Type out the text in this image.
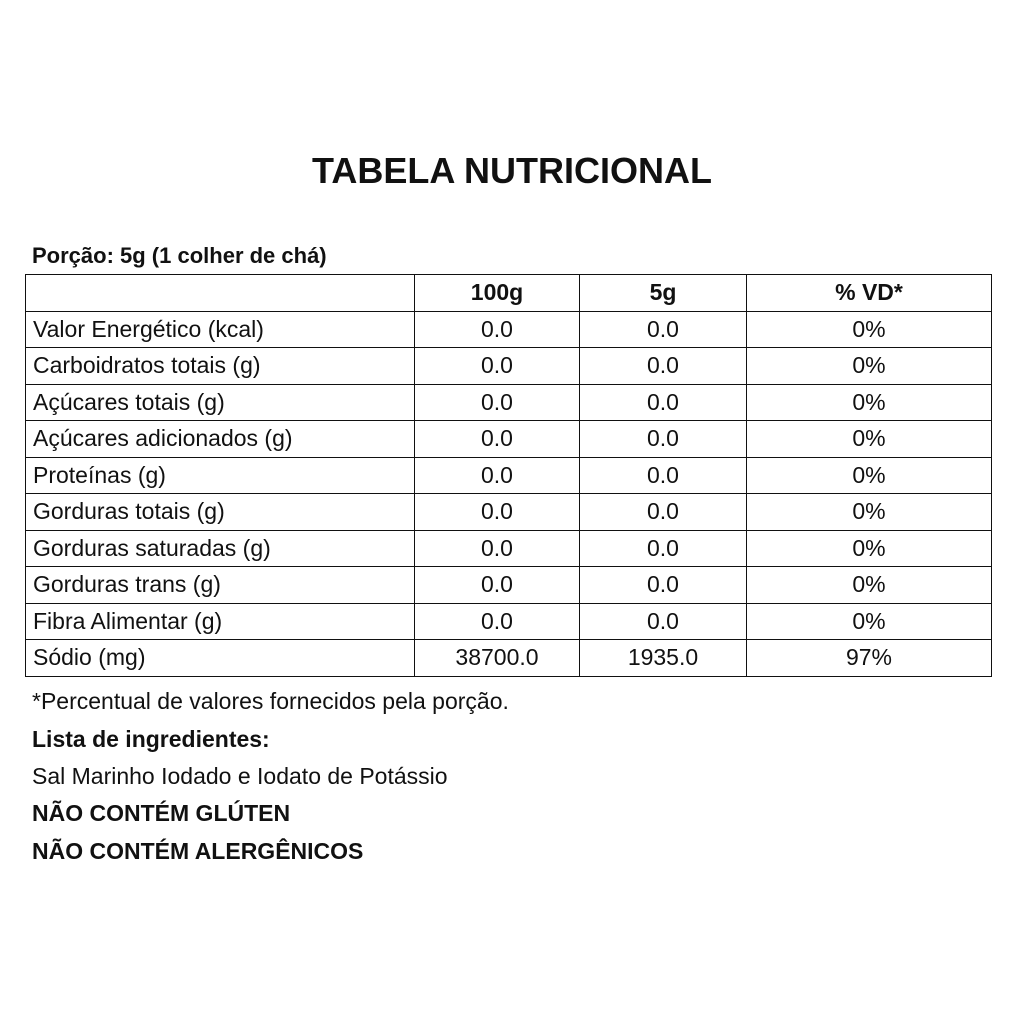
TABELA NUTRICIONAL
Porção: 5g (1 colher de chá)
	100g	5g	% VD*
Valor Energético (kcal)	0.0	0.0	0%
Carboidratos totais (g)	0.0	0.0	0%
Açúcares totais (g)	0.0	0.0	0%
Açúcares adicionados (g)	0.0	0.0	0%
Proteínas (g)	0.0	0.0	0%
Gorduras totais (g)	0.0	0.0	0%
Gorduras saturadas (g)	0.0	0.0	0%
Gorduras trans (g)	0.0	0.0	0%
Fibra Alimentar (g)	0.0	0.0	0%
Sódio (mg)	38700.0	1935.0	97%
*Percentual de valores fornecidos pela porção.
Lista de ingredientes:
Sal Marinho Iodado e Iodato de Potássio
NÃO CONTÉM GLÚTEN
NÃO CONTÉM ALERGÊNICOS
